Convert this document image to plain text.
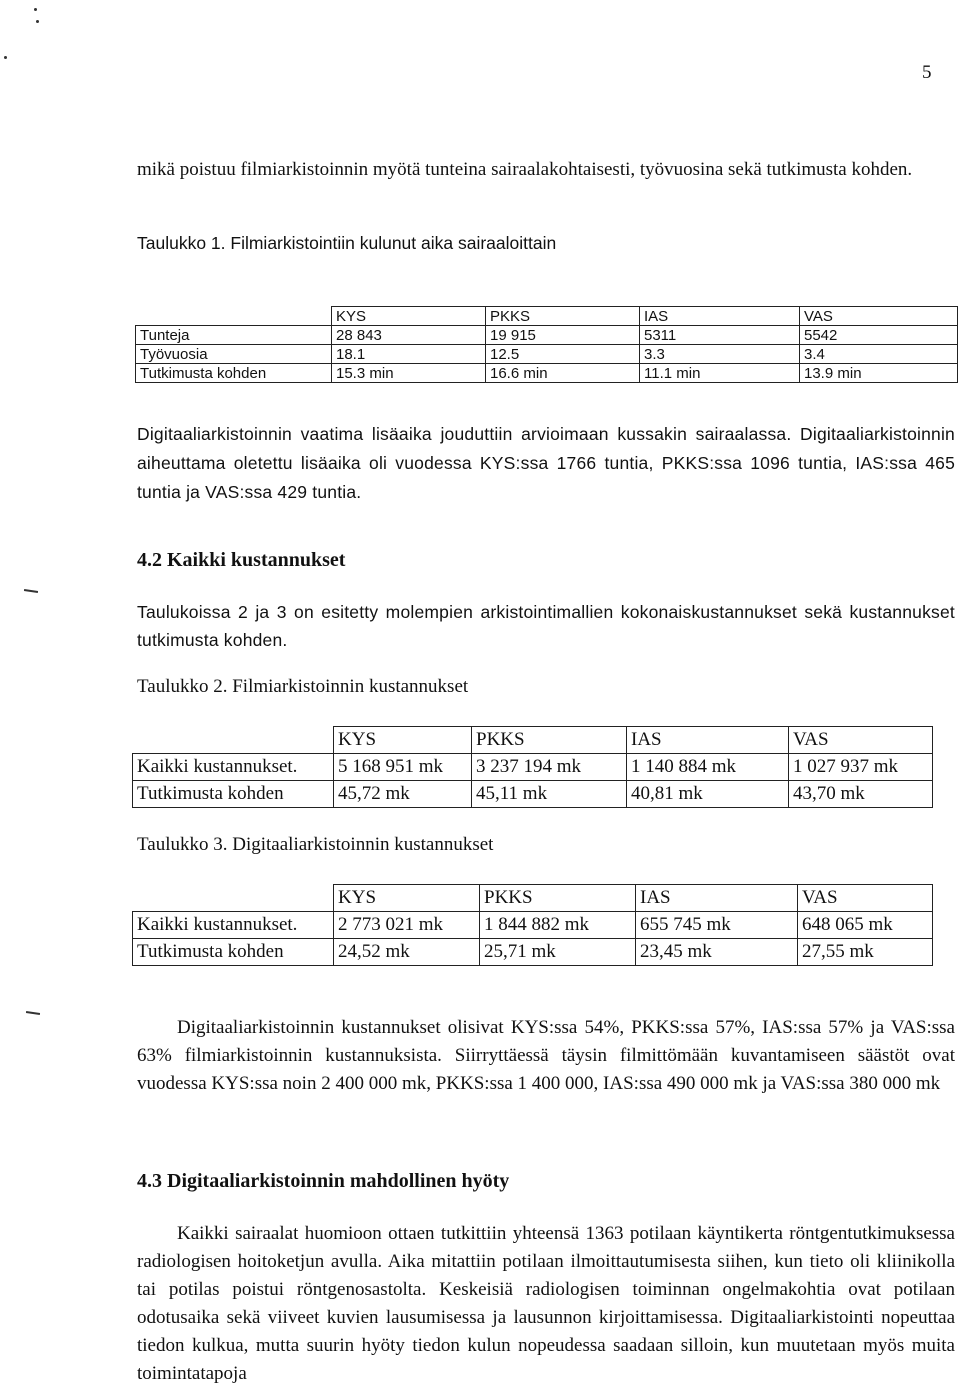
5

mikä poistuu filmiarkistoinnin myötä tunteina sairaalakohtaisesti, työvuosina sekä tutkimusta kohden.

Taulukko 1. Filmiarkistointiin kulunut aika sairaaloittain

	KYS	PKKS	IAS	VAS
Tunteja	28 843	19 915	5311	5542
Työvuosia	18.1	12.5	3.3	3.4
Tutkimusta kohden	15.3 min	16.6 min	11.1 min	13.9 min

Digitaaliarkistoinnin vaatima lisäaika jouduttiin arvioimaan kussakin sairaalassa. Digitaaliarkistoinnin aiheuttama oletettu lisäaika oli vuodessa KYS:ssa 1766 tuntia, PKKS:ssa 1096 tuntia, IAS:ssa 465 tuntia ja VAS:ssa 429 tuntia.

4.2 Kaikki kustannukset

Taulukoissa 2 ja 3 on esitetty molempien arkistointimallien kokonaiskustannukset sekä kustannukset tutkimusta kohden.

Taulukko 2. Filmiarkistoinnin kustannukset

	KYS	PKKS	IAS	VAS
Kaikki kustannukset.	5 168 951 mk	3 237 194 mk	1 140 884 mk	1 027 937 mk
Tutkimusta kohden	45,72 mk	45,11 mk	40,81 mk	43,70 mk

Taulukko 3. Digitaaliarkistoinnin kustannukset

	KYS	PKKS	IAS	VAS
Kaikki kustannukset.	2 773 021 mk	1 844 882 mk	655 745 mk	648 065 mk
Tutkimusta kohden	24,52 mk	25,71 mk	23,45 mk	27,55 mk

Digitaaliarkistoinnin kustannukset olisivat KYS:ssa 54%, PKKS:ssa 57%, IAS:ssa 57% ja VAS:ssa 63% filmiarkistoinnin kustannuksista. Siirryttäessä täysin filmittömään kuvantamiseen säästöt ovat vuodessa KYS:ssa noin 2 400 000 mk, PKKS:ssa 1 400 000, IAS:ssa 490 000 mk ja VAS:ssa 380 000 mk

4.3 Digitaaliarkistoinnin mahdollinen hyöty

Kaikki sairaalat huomioon ottaen tutkittiin yhteensä 1363 potilaan käyntikerta röntgentutkimuksessa radiologisen hoitoketjun avulla. Aika mitattiin potilaan ilmoittautumisesta siihen, kun tieto oli kliinikolla tai potilas poistui röntgenosastolta. Keskeisiä radiologisen toiminnan ongelmakohtia ovat potilaan odotusaika sekä viiveet kuvien lausumisessa ja lausunnon kirjoittamisessa. Digitaaliarkistointi nopeuttaa tiedon kulkua, mutta suurin hyöty tiedon kulun nopeudessa saadaan silloin, kun muutetaan myös muita toimintatapoja
